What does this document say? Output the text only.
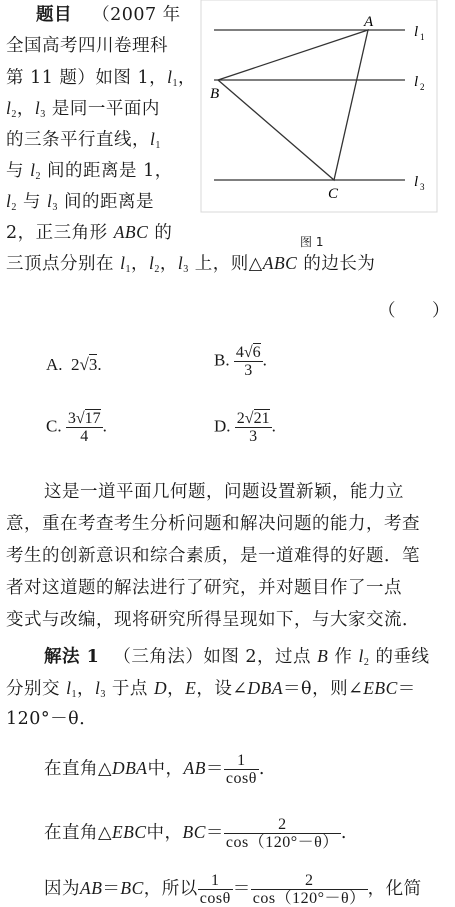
A
B
C
l 1
l 2
l 3
图 1
题目 （2007 年
全国高考四川卷理科
第 11 题）如图 1，$l_1$，
$l_2$，$l_3$ 是同一平面内
的三条平行直线，$l_1$
与 $l_2$ 间的距离是 1，
$l_2$ 与 $l_3$ 间的距离是
2，正三角形 ABC 的
三顶点分别在 $l_1$，$l_2$，$l_3$ 上，则△ABC 的边长为
（　　）
A. 2√3.	B. $\frac{4√6}{3}$ .
C. $\frac{3√17}{4}$ .	D. $\frac{2√21}{3}$ .
这是一道平面几何题，问题设置新颖，能力立
意，重在考查考生分析问题和解决问题的能力，考查
考生的创新意识和综合素质，是一道难得的好题．笔
者对这道题的解法进行了研究，并对题目作了一点
变式与改编，现将研究所得呈现如下，与大家交流．
解法 1 （三角法）如图 2，过点 B 作 $l_2$ 的垂线
分别交 $l_1$，$l_3$ 于点 D，E，设∠DBA＝θ，则∠EBC＝
120°－θ．
在直角△DBA中，$AB= \frac{1}{\cos\theta}$ .
在直角△EBC中，$BC= \frac{2}{\cos(120^\circ-\theta)}$ .
因为AB＝BC，所以 $\frac{1}{\cos\theta} = \frac{2}{\cos(120^\circ-\theta)}$ ，化简
